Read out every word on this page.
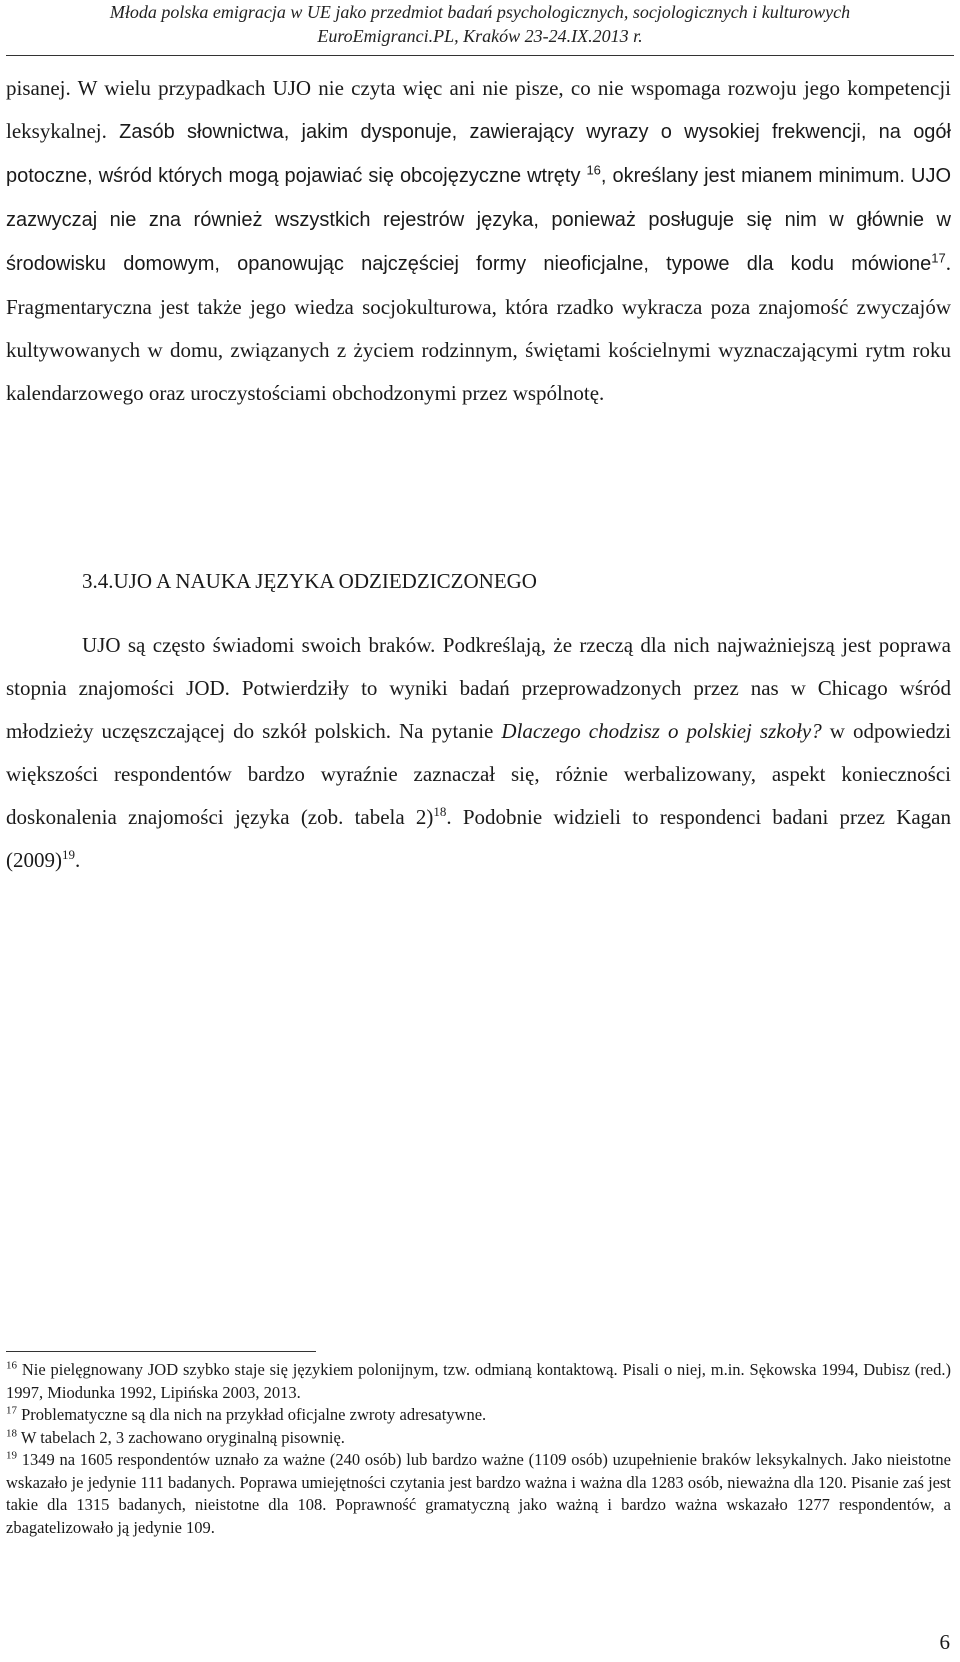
Młoda polska emigracja w UE jako przedmiot badań psychologicznych, socjologicznych i kulturowych
EuroEmigranci.PL, Kraków 23-24.IX.2013 r.

pisanej. W wielu przypadkach UJO nie czyta więc ani nie pisze, co nie wspomaga rozwoju jego kompetencji leksykalnej. Zasób słownictwa, jakim dysponuje, zawierający wyrazy o wysokiej frekwencji, na ogół potoczne, wśród których mogą pojawiać się obcojęzyczne wtręty $^{16}$, określany jest mianem minimum. UJO zazwyczaj nie zna również wszystkich rejestrów języka, ponieważ posługuje się nim w głównie w środowisku domowym, opanowując najczęściej formy nieoficjalne, typowe dla kodu mówione$^{17}$. Fragmentaryczna jest także jego wiedza socjokulturowa, która rzadko wykracza poza znajomość zwyczajów kultywowanych w domu, związanych z życiem rodzinnym, świętami kościelnymi wyznaczającymi rytm roku kalendarzowego oraz uroczystościami obchodzonymi przez wspólnotę.

3.4.UJO A NAUKA JĘZYKA ODZIEDZICZONEGO

UJO są często świadomi swoich braków. Podkreślają, że rzeczą dla nich najważniejszą jest poprawa stopnia znajomości JOD. Potwierdziły to wyniki badań przeprowadzonych przez nas w Chicago wśród młodzieży uczęszczającej do szkół polskich. Na pytanie Dlaczego chodzisz o polskiej szkoły? w odpowiedzi większości respondentów bardzo wyraźnie zaznaczał się, różnie werbalizowany, aspekt konieczności doskonalenia znajomości języka (zob. tabela 2)$^{18}$. Podobnie widzieli to respondenci badani przez Kagan $(2009)^{19}$.

$^{16}$ Nie pielęgnowany JOD szybko staje się językiem polonijnym, tzw. odmianą kontaktową. Pisali o niej, m.in. Sękowska 1994, Dubisz (red.) 1997, Miodunka 1992, Lipińska 2003, 2013.

$^{17}$ Problematyczne są dla nich na przykład oficjalne zwroty adresatywne.

$^{18}$ W tabelach 2, 3 zachowano oryginalną pisownię.

$^{19}$ 1349 na 1605 respondentów uznało za ważne (240 osób) lub bardzo ważne (1109 osób) uzupełnienie braków leksykalnych. Jako nieistotne wskazało je jedynie 111 badanych. Poprawa umiejętności czytania jest bardzo ważna i ważna dla 1283 osób, nieważna dla 120. Pisanie zaś jest takie dla 1315 badanych, nieistotne dla 108. Poprawność gramatyczną jako ważną i bardzo ważna wskazało 1277 respondentów, a zbagatelizowało ją jedynie 109.

6
